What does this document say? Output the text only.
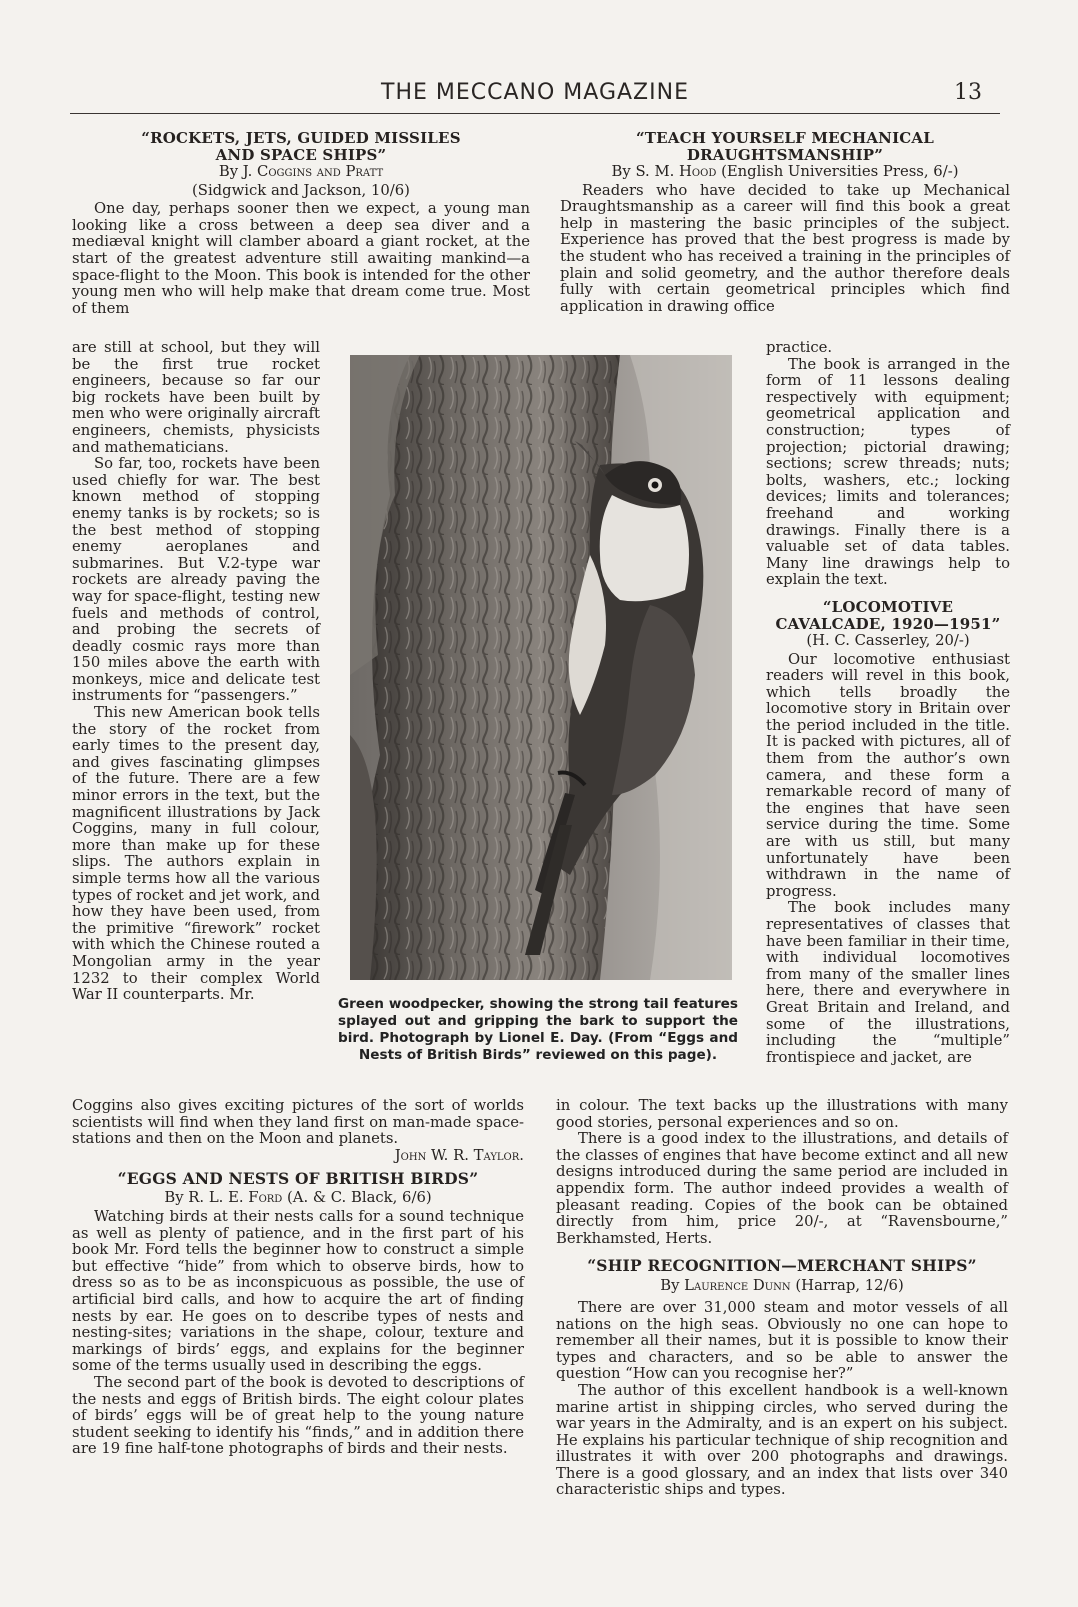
THE MECCANO MAGAZINE	13
“ROCKETS, JETS, GUIDED MISSILES
AND SPACE SHIPS”
By J. Coggins and Pratt
(Sidgwick and Jackson, 10/6)

One day, perhaps sooner then we expect, a young man looking like a cross between a deep sea diver and a mediæval knight will clamber aboard a giant rocket, at the start of the greatest adventure still awaiting mankind—a space-flight to the Moon. This book is intended for the other young men who will help make that dream come true. Most of them

are still at school, but they will be the first true rocket engineers, because so far our big rockets have been built by men who were originally aircraft engineers, chemists, physicists and mathematicians.

So far, too, rockets have been used chiefly for war. The best known method of stopping enemy tanks is by rockets; so is the best method of stopping enemy aeroplanes and submarines. But V.2-type war rockets are already paving the way for space-flight, testing new fuels and methods of control, and probing the secrets of deadly cosmic rays more than 150 miles above the earth with monkeys, mice and delicate test instruments for “passengers.”

This new American book tells the story of the rocket from early times to the present day, and gives fascinating glimpses of the future. There are a few minor errors in the text, but the magnificent illustrations by Jack Coggins, many in full colour, more than make up for these slips. The authors explain in simple terms how all the various types of rocket and jet work, and how they have been used, from the primitive “firework” rocket with which the Chinese routed a Mongolian army in the year 1232 to their complex World War II counterparts. Mr.

Coggins also gives exciting pictures of the sort of worlds scientists will find when they land first on man-made space-stations and then on the Moon and planets.

John W. R. Taylor.
“EGGS AND NESTS OF BRITISH BIRDS”
By R. L. E. Ford (A. & C. Black, 6/6)

Watching birds at their nests calls for a sound technique as well as plenty of patience, and in the first part of his book Mr. Ford tells the beginner how to construct a simple but effective “hide” from which to observe birds, how to dress so as to be as inconspicuous as possible, the use of artificial bird calls, and how to acquire the art of finding nests by ear. He goes on to describe types of nests and nesting-sites; variations in the shape, colour, texture and markings of birds’ eggs, and explains for the beginner some of the terms usually used in describing the eggs.

The second part of the book is devoted to descriptions of the nests and eggs of British birds. The eight colour plates of birds’ eggs will be of great help to the young nature student seeking to identify his “finds,” and in addition there are 19 fine half-tone photographs of birds and their nests.

Green woodpecker, showing the strong tail features splayed out and gripping the bark to support the bird. Photograph by Lionel E. Day. (From “Eggs and Nests of British Birds” reviewed on this page).
“TEACH YOURSELF MECHANICAL
DRAUGHTSMANSHIP”
By S. M. Hood (English Universities Press, 6/-)

Readers who have decided to take up Mechanical Draughtsmanship as a career will find this book a great help in mastering the basic principles of the subject. Experience has proved that the best progress is made by the student who has received a training in the principles of plain and solid geometry, and the author therefore deals fully with certain geometrical principles which find application in drawing office

practice.

The book is arranged in the form of 11 lessons dealing respectively with equipment; geometrical application and construction; types of projection; pictorial drawing; sections; screw threads; nuts; bolts, washers, etc.; locking devices; limits and tolerances; freehand and working drawings. Finally there is a valuable set of data tables. Many line drawings help to explain the text.

“LOCOMOTIVE
CAVALCADE, 1920—1951”
(H. C. Casserley, 20/-)

Our locomotive enthusiast readers will revel in this book, which tells broadly the locomotive story in Britain over the period included in the title. It is packed with pictures, all of them from the author’s own camera, and these form a remarkable record of many of the engines that have seen service during the time. Some are with us still, but many unfortunately have been withdrawn in the name of progress.

The book includes many representatives of classes that have been familiar in their time, with individual locomotives from many of the smaller lines here, there and everywhere in Great Britain and Ireland, and some of the illustrations, including the “multiple” frontispiece and jacket, are

in colour. The text backs up the illustrations with many good stories, personal experiences and so on.

There is a good index to the illustrations, and details of the classes of engines that have become extinct and all new designs introduced during the same period are included in appendix form. The author indeed provides a wealth of pleasant reading. Copies of the book can be obtained directly from him, price 20/-, at “Ravensbourne,” Berkhamsted, Herts.

“SHIP RECOGNITION—MERCHANT SHIPS”
By Laurence Dunn (Harrap, 12/6)

There are over 31,000 steam and motor vessels of all nations on the high seas. Obviously no one can hope to remember all their names, but it is possible to know their types and characters, and so be able to answer the question “How can you recognise her?”

The author of this excellent handbook is a well-known marine artist in shipping circles, who served during the war years in the Admiralty, and is an expert on his subject. He explains his particular technique of ship recognition and illustrates it with over 200 photographs and drawings. There is a good glossary, and an index that lists over 340 characteristic ships and types.
